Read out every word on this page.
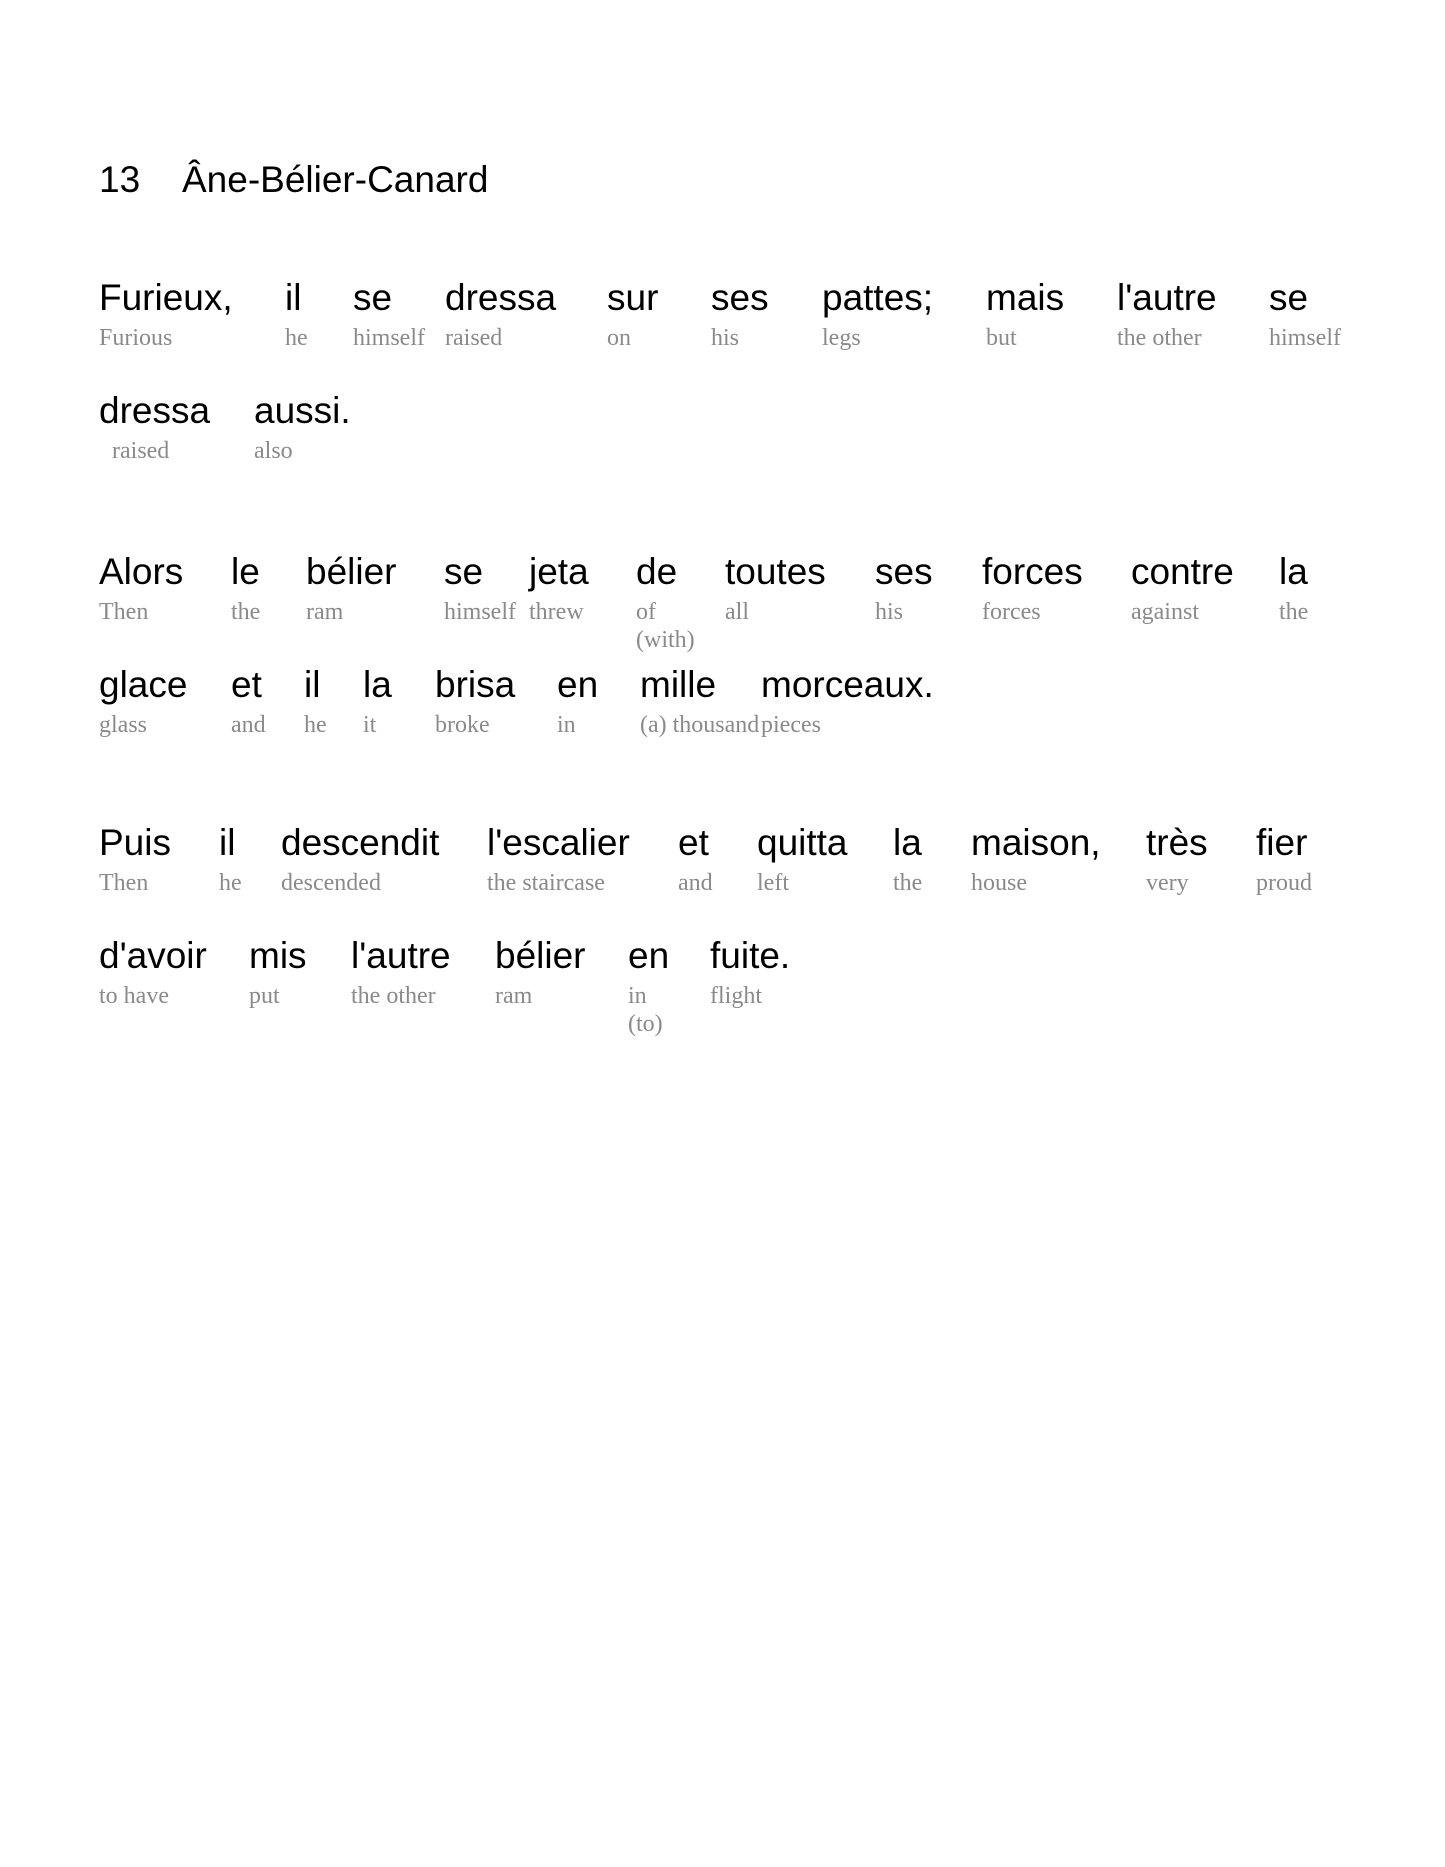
13 Âne-Bélier-Canard
Furieux,
Furious
il
he
se
himself
dressa
raised
sur
on
ses
his
pattes;
legs
mais
but
l'autre
the other
se
himself
dressa
raised
aussi.
also
Alors
Then
le
the
bélier
ram
se
himself
jeta
threw
de
of
(with)
toutes
all
ses
his
forces
forces
contre
against
la
the
glace
glass
et
and
il
he
la
it
brisa
broke
en
in
mille
(a) thousand
morceaux.
pieces
Puis
Then
il
he
descendit
descended
l'escalier
the staircase
et
and
quitta
left
la
the
maison,
house
très
very
fier
proud
d'avoir
to have
mis
put
l'autre
the other
bélier
ram
en
in
(to)
fuite.
flight
